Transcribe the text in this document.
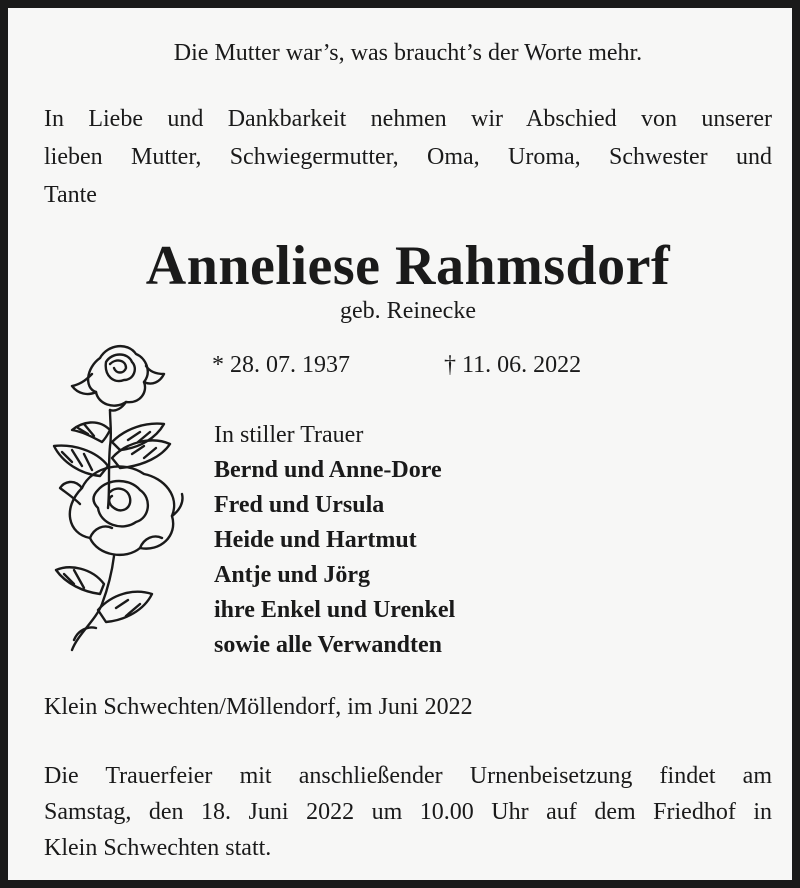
Die Mutter war’s, was braucht’s der Worte mehr.
In Liebe und Dankbarkeit nehmen wir Abschied von unserer
lieben Mutter, Schwiegermutter, Oma, Uroma, Schwester und
Tante
Anneliese Rahmsdorf
geb. Reinecke
* 28. 07. 1937	† 11. 06. 2022
In stiller Trauer
Bernd und Anne-Dore
Fred und Ursula
Heide und Hartmut
Antje und Jörg
ihre Enkel und Urenkel
sowie alle Verwandten
Klein Schwechten/Möllendorf, im Juni 2022
Die Trauerfeier mit anschließender Urnenbeisetzung findet am
Samstag, den 18. Juni 2022 um 10.00 Uhr auf dem Friedhof in
Klein Schwechten statt.
